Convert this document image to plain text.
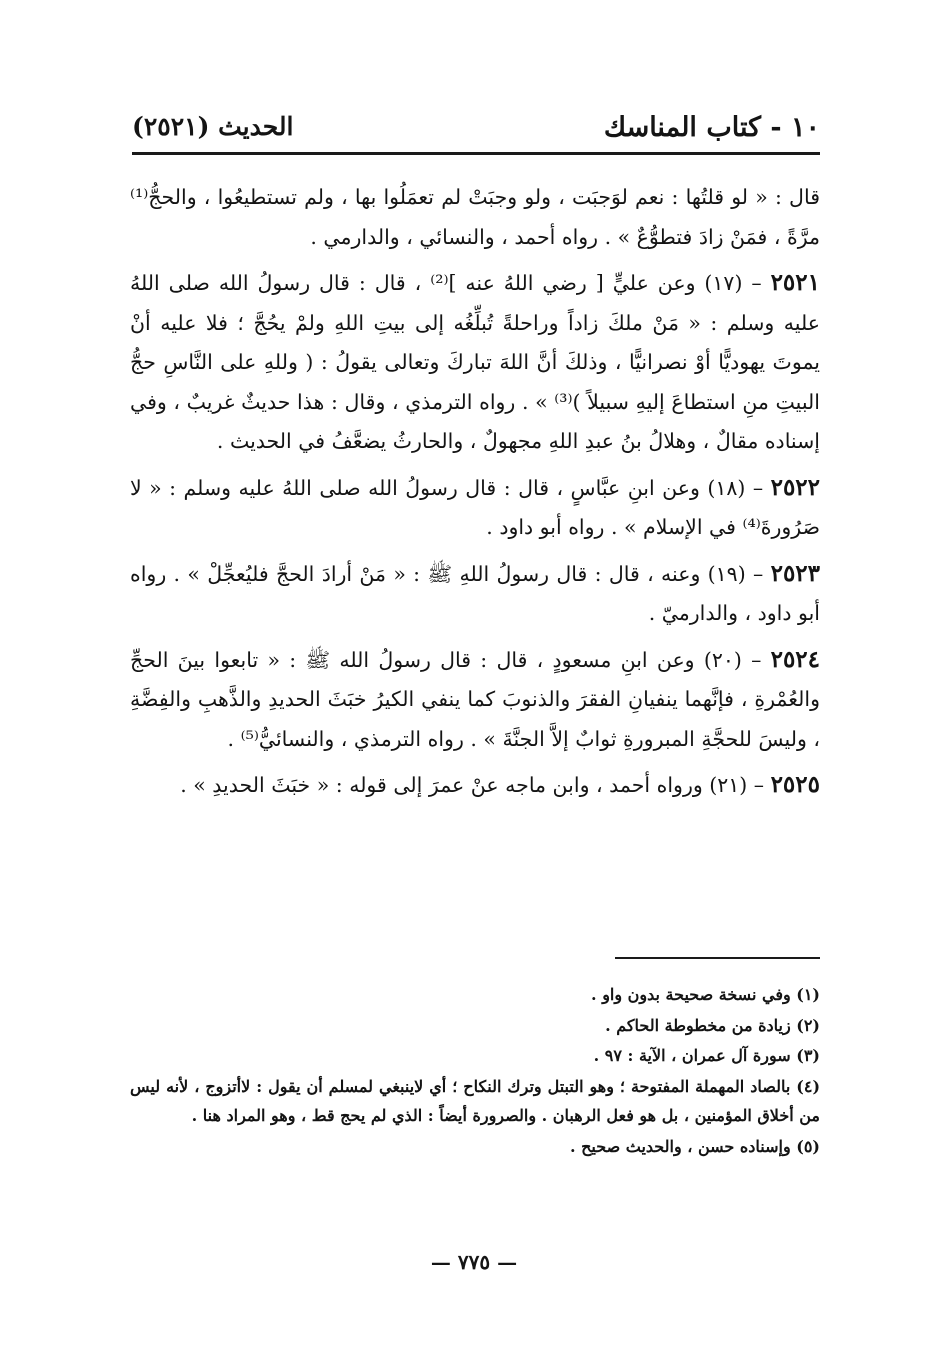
١٠ - كتاب المناسك
الحديث (٢٥٢١)

قال : « لو قلتُها : نعم لوَجبَت ، ولو وجبَتْ لم تعمَلُوا بها ، ولم تستطيعُوا ، والحجُّ⁽¹⁾ مرَّةً ، فمَنْ زادَ فتطوُّعٌ » . رواه أحمد ، والنسائي ، والدارمي .

٢٥٢١ – (١٧) وعن عليٍّ [ رضي اللهُ عنه ]⁽²⁾ ، قال : قال رسولُ الله صلى اللهُ عليه وسلم : « مَنْ ملكَ زاداً وراحلةً تُبلِّغُه إلى بيتِ اللهِ ولمْ يحُجَّ ؛ فلا عليه أنْ يموتَ يهوديًّا أوْ نصرانيًّا ، وذلكَ أنَّ اللهَ تباركَ وتعالى يقولُ : ( وللهِ على النَّاسِ حجُّ البيتِ منِ استطاعَ إليهِ سبيلاً )⁽³⁾ » . رواه الترمذي ، وقال : هذا حديثٌ غريبٌ ، وفي إسناده مقالٌ ، وهلالُ بنُ عبدِ اللهِ مجهولٌ ، والحارثُ يضعَّفُ في الحديث .

٢٥٢٢ – (١٨) وعن ابنِ عبَّاسٍ ، قال : قال رسولُ الله صلى اللهُ عليه وسلم : « لا صَرُورةَ⁽⁴⁾ في الإسلام » . رواه أبو داود .

٢٥٢٣ – (١٩) وعنه ، قال : قال رسولُ اللهِ ﷺ : « مَنْ أرادَ الحجَّ فليُعجِّلْ » . رواه أبو داود ، والدارميّ .

٢٥٢٤ – (٢٠) وعن ابنِ مسعودٍ ، قال : قال رسولُ الله ﷺ : « تابعوا بينَ الحجِّ والعُمْرةِ ، فإنَّهما ينفيانِ الفقرَ والذنوبَ كما ينفي الكيرُ خبَثَ الحديدِ والذَّهبِ والفِضَّةِ ، وليسَ للحجَّةِ المبرورةِ ثوابٌ إلاَّ الجنَّةَ » . رواه الترمذي ، والنسائيُّ⁽⁵⁾ .

٢٥٢٥ – (٢١) ورواه أحمد ، وابن ماجه عنْ عمرَ إلى قوله : « خبَثَ الحديدِ » .

(١) وفي نسخة صحيحة بدون واو .

(٢) زيادة من مخطوطة الحاكم .

(٣) سورة آل عمران ، الآية : ٩٧ .

(٤) بالصاد المهملة المفتوحة ؛ وهو التبتل وترك النكاح ؛ أي لاينبغي لمسلم أن يقول : لاأتزوج ، لأنه ليس من أخلاق المؤمنين ، بل هو فعل الرهبان . والصرورة أيضاً : الذي لم يحج قط ، وهو المراد هنا .

(٥) وإسناده حسن ، والحديث صحيح .

— ٧٧٥ —
